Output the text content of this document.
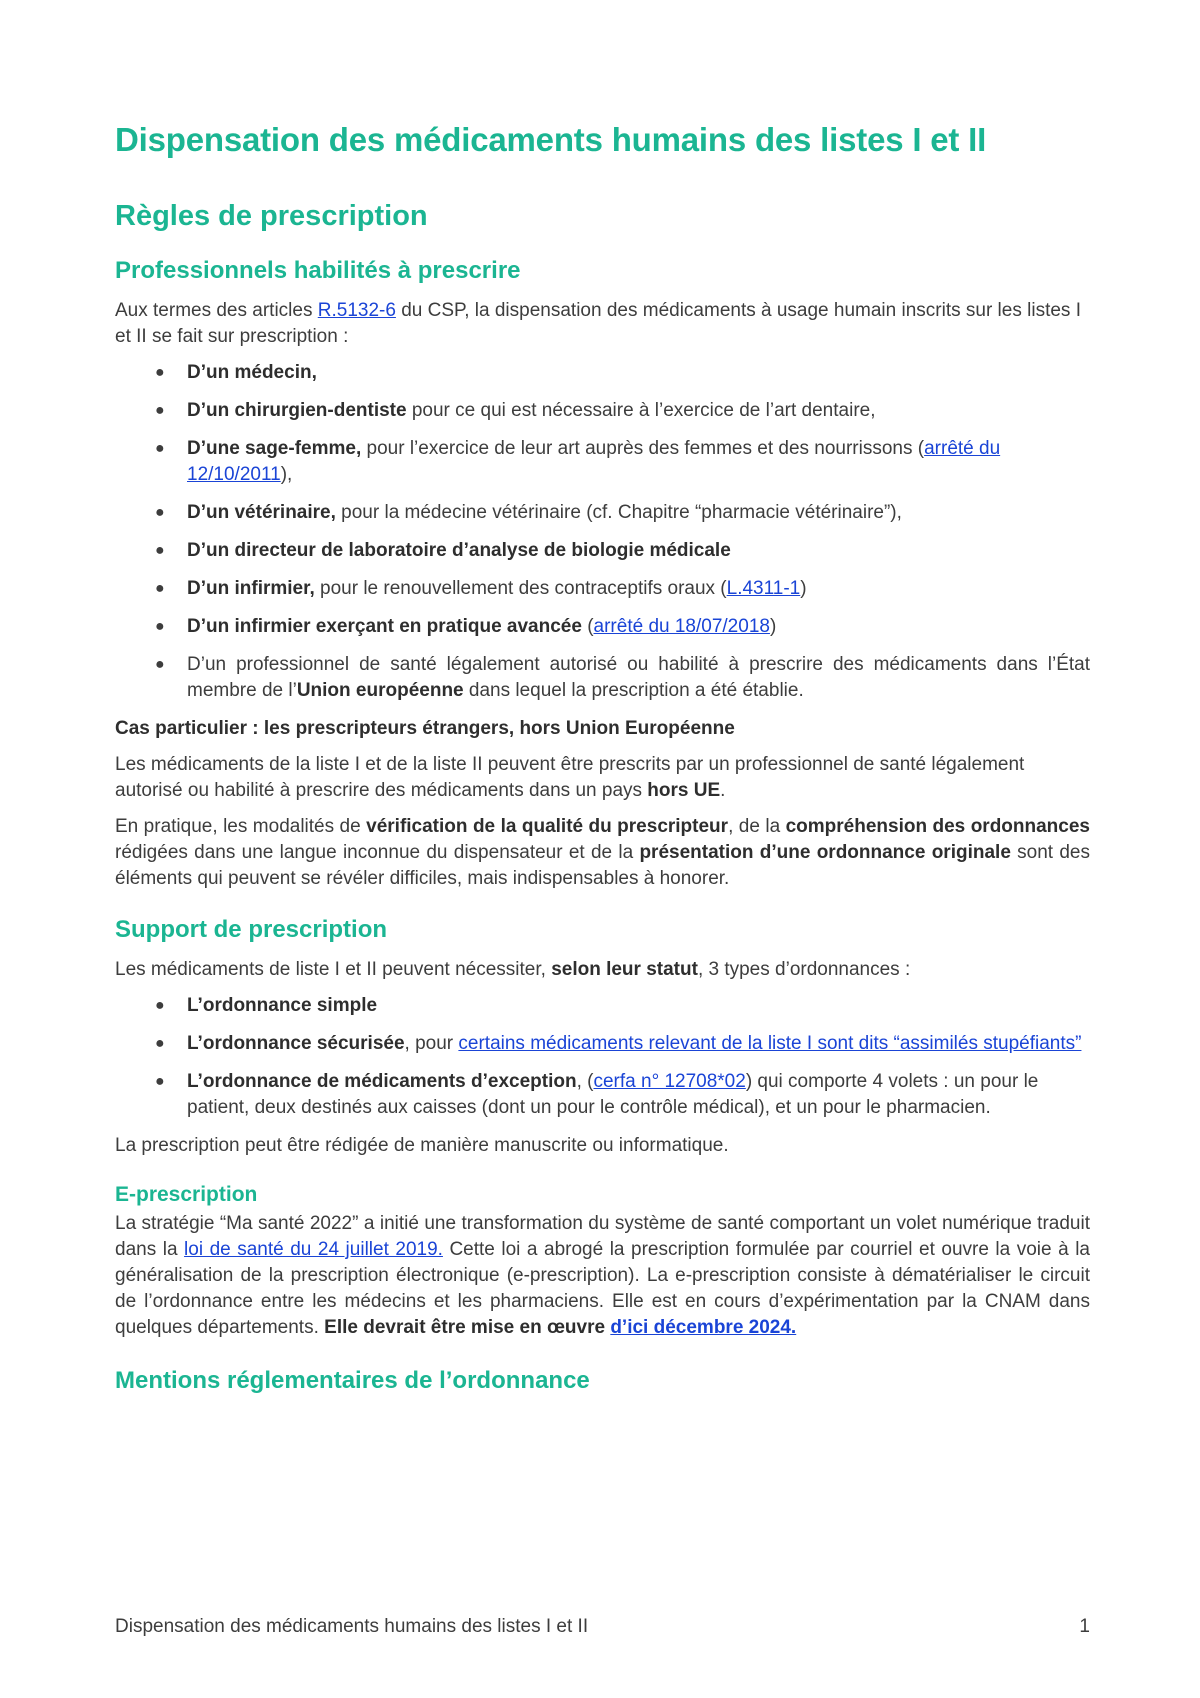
Dispensation des médicaments humains des listes I et II
Règles de prescription
Professionnels habilités à prescrire

Aux termes des articles R.5132-6 du CSP, la dispensation des médicaments à usage humain inscrits sur les listes I et II se fait sur prescription :

● D’un médecin,
● D’un chirurgien-dentiste pour ce qui est nécessaire à l’exercice de l’art dentaire,
● D’une sage-femme, pour l’exercice de leur art auprès des femmes et des nourrissons (arrêté du 12/10/2011),
● D’un vétérinaire, pour la médecine vétérinaire (cf. Chapitre “pharmacie vétérinaire”),
● D’un directeur de laboratoire d’analyse de biologie médicale
● D’un infirmier, pour le renouvellement des contraceptifs oraux (L.4311-1)
● D’un infirmier exerçant en pratique avancée (arrêté du 18/07/2018)
● D’un professionnel de santé légalement autorisé ou habilité à prescrire des médicaments dans l’État membre de l’Union européenne dans lequel la prescription a été établie.
Cas particulier : les prescripteurs étrangers, hors Union Européenne

Les médicaments de la liste I et de la liste II peuvent être prescrits par un professionnel de santé légalement autorisé ou habilité à prescrire des médicaments dans un pays hors UE.

En pratique, les modalités de vérification de la qualité du prescripteur, de la compréhension des ordonnances rédigées dans une langue inconnue du dispensateur et de la présentation d’une ordonnance originale sont des éléments qui peuvent se révéler difficiles, mais indispensables à honorer.

Support de prescription

Les médicaments de liste I et II peuvent nécessiter, selon leur statut, 3 types d’ordonnances :

● L’ordonnance simple
● L’ordonnance sécurisée, pour certains médicaments relevant de la liste I sont dits “assimilés stupéfiants”
● L’ordonnance de médicaments d’exception, (cerfa n° 12708*02) qui comporte 4 volets : un pour le patient, deux destinés aux caisses (dont un pour le contrôle médical), et un pour le pharmacien.

La prescription peut être rédigée de manière manuscrite ou informatique.

E-prescription

La stratégie “Ma santé 2022” a initié une transformation du système de santé comportant un volet numérique traduit dans la loi de santé du 24 juillet 2019. Cette loi a abrogé la prescription formulée par courriel et ouvre la voie à la généralisation de la prescription électronique (e-prescription). La e-prescription consiste à dématérialiser le circuit de l’ordonnance entre les médecins et les pharmaciens. Elle est en cours d’expérimentation par la CNAM dans quelques départements. Elle devrait être mise en œuvre d’ici décembre 2024.

Mentions réglementaires de l’ordonnance
Dispensation des médicaments humains des listes I et II	1
